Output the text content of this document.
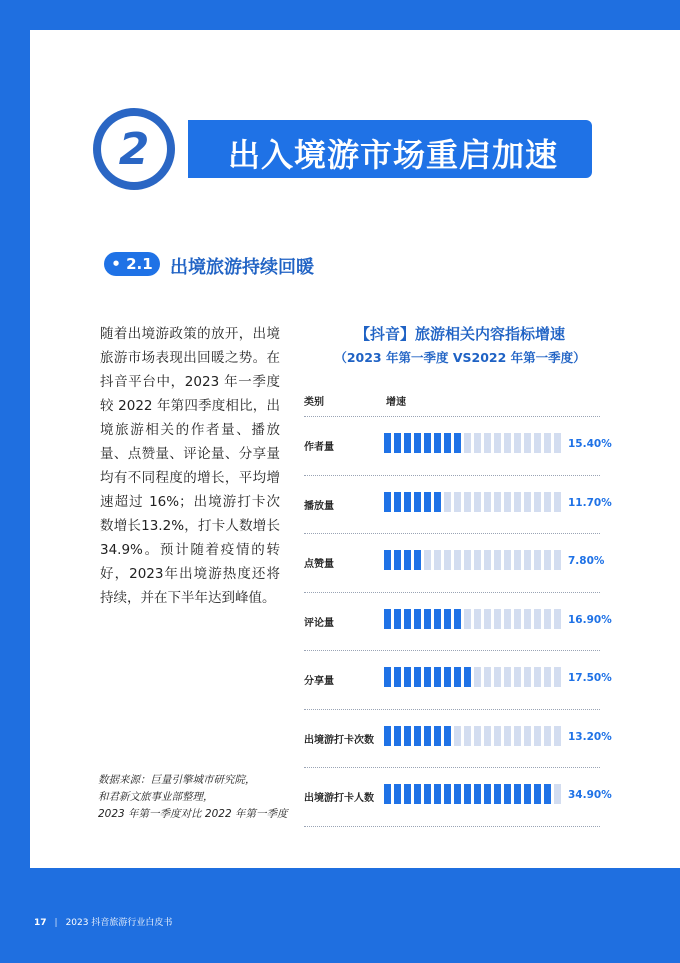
出入境游市场重启加速
2
• 2.1 出境旅游持续回暖
随着出境游政策的放开，出境旅游市场表现出回暖之势。在抖音平台中，2023 年一季度较 2022 年第四季度相比，出境旅游相关的作者量、播放量、点赞量、评论量、分享量均有不同程度的增长，平均增速超过 16%；出境游打卡次数增长13.2%，打卡人数增长34.9%。预计随着疫情的转好，2023年出境游热度还将持续，并在下半年达到峰值。
数据来源：巨量引擎城市研究院，
和君新文旅事业部整理，
2023 年第一季度对比 2022 年第一季度
【抖音】旅游相关内容指标增速
（2023 年第一季度 VS2022 年第一季度）
类别	增速
作者量	15.40%
播放量	11.70%
点赞量	7.80%
评论量	16.90%
分享量	17.50%
出境游打卡次数	13.20%
出境游打卡人数	34.90%
17 | 2023 抖音旅游行业白皮书
